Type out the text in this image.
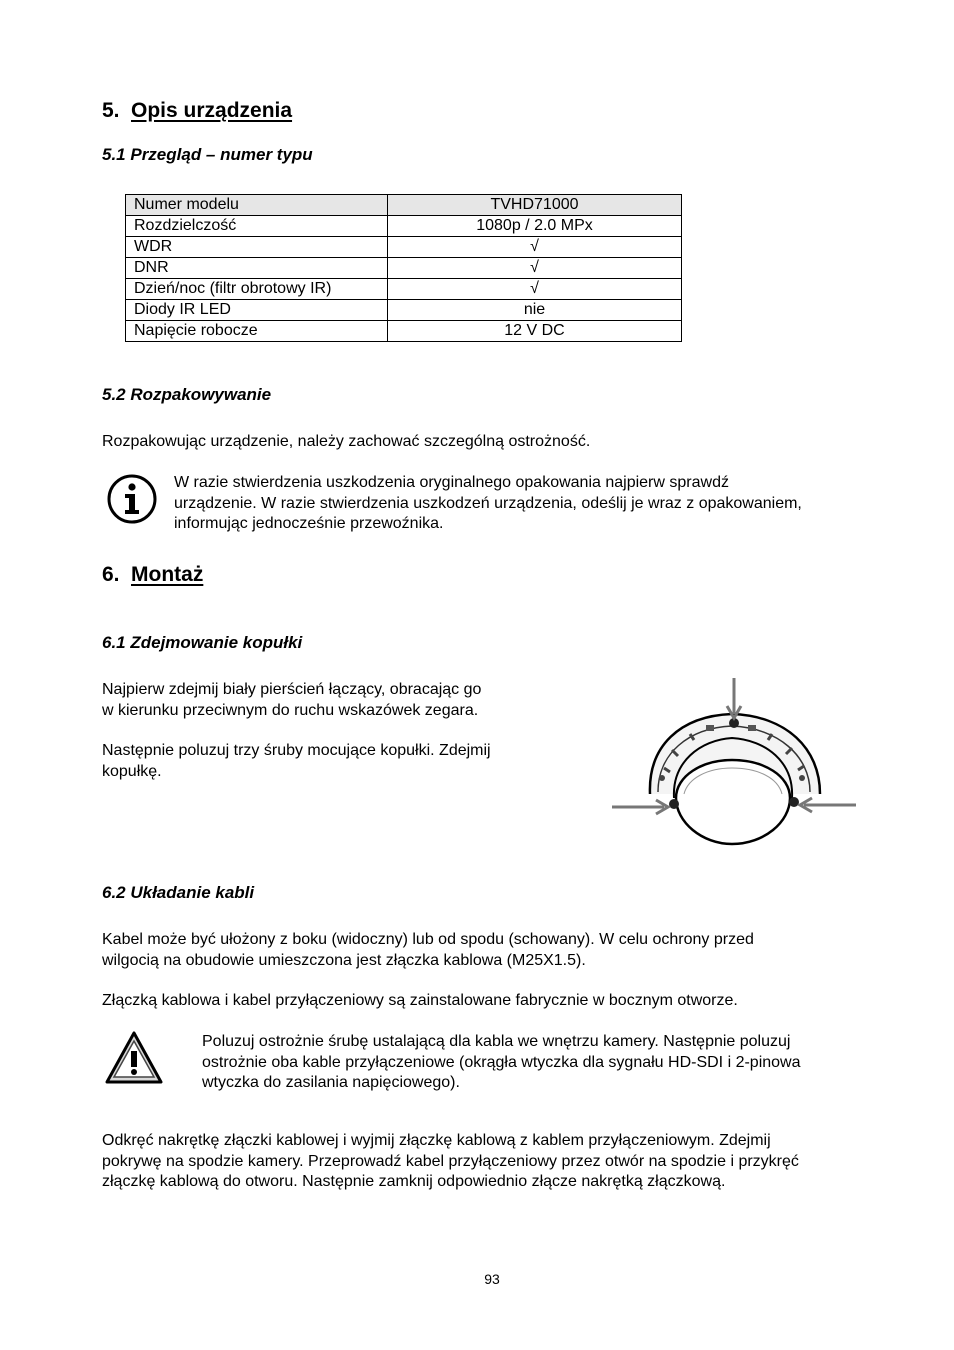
5. Opis urządzenia
5.1 Przegląd – numer typu
Numer modelu	TVHD71000
Rozdzielczość	1080p / 2.0 MPx
WDR	√
DNR	√
Dzień/noc (filtr obrotowy IR)	√
Diody IR LED	nie
Napięcie robocze	12 V DC
5.2 Rozpakowywanie
Rozpakowując urządzenie, należy zachować szczególną ostrożność.
W razie stwierdzenia uszkodzenia oryginalnego opakowania najpierw sprawdź
urządzenie. W razie stwierdzenia uszkodzeń urządzenia, odeślij je wraz z opakowaniem,
informując jednocześnie przewoźnika.
6. Montaż
6.1 Zdejmowanie kopułki
Najpierw zdejmij biały pierścień łączący, obracając go
w kierunku przeciwnym do ruchu wskazówek zegara.
Następnie poluzuj trzy śruby mocujące kopułki. Zdejmij
kopułkę.
6.2 Układanie kabli
Kabel może być ułożony z boku (widoczny) lub od spodu (schowany). W celu ochrony przed
wilgocią na obudowie umieszczona jest złączka kablowa (M25X1.5).
Złączką kablowa i kabel przyłączeniowy są zainstalowane fabrycznie w bocznym otworze.
Poluzuj ostrożnie śrubę ustalającą dla kabla we wnętrzu kamery. Następnie poluzuj
ostrożnie oba kable przyłączeniowe (okrągła wtyczka dla sygnału HD-SDI i 2-pinowa
wtyczka do zasilania napięciowego).
Odkręć nakrętkę złączki kablowej i wyjmij złączkę kablową z kablem przyłączeniowym. Zdejmij
pokrywę na spodzie kamery. Przeprowadź kabel przyłączeniowy przez otwór na spodzie i przykręć
złączkę kablową do otworu. Następnie zamknij odpowiednio złącze nakrętką złączkową.
93
